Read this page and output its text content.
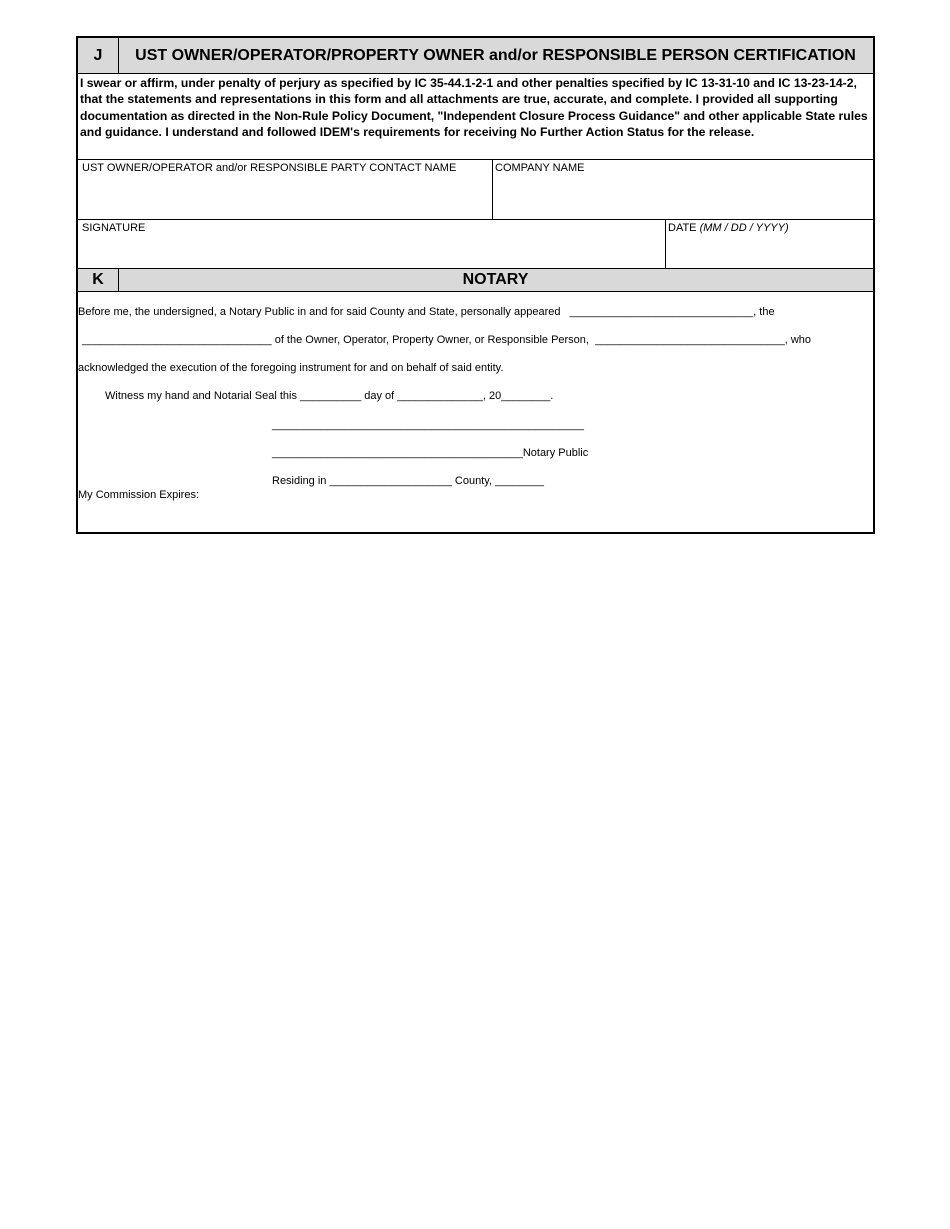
J	UST OWNER/OPERATOR/PROPERTY OWNER and/or RESPONSIBLE PERSON CERTIFICATION
I swear or affirm, under penalty of perjury as specified by IC 35-44.1-2-1 and other penalties specified by IC 13-31-10 and IC 13-23-14-2, that the statements and representations in this form and all attachments are true, accurate, and complete. I provided all supporting documentation as directed in the Non-Rule Policy Document, "Independent Closure Process Guidance" and other applicable State rules and guidance. I understand and followed IDEM's requirements for receiving No Further Action Status for the release.
UST OWNER/OPERATOR and/or RESPONSIBLE PARTY CONTACT NAME	COMPANY NAME
SIGNATURE	DATE (MM / DD / YYYY)
K	NOTARY
Before me, the undersigned, a Notary Public in and for said County and State, personally appeared   ______________________________, the
_______________________________ of the Owner, Operator, Property Owner, or Responsible Person,  _______________________________, who
acknowledged the execution of the foregoing instrument for and on behalf of said entity.
Witness my hand and Notarial Seal this __________ day of ______________, 20________.
___________________________________________________
_________________________________________Notary Public
Residing in ____________________ County, ________
My Commission Expires:
